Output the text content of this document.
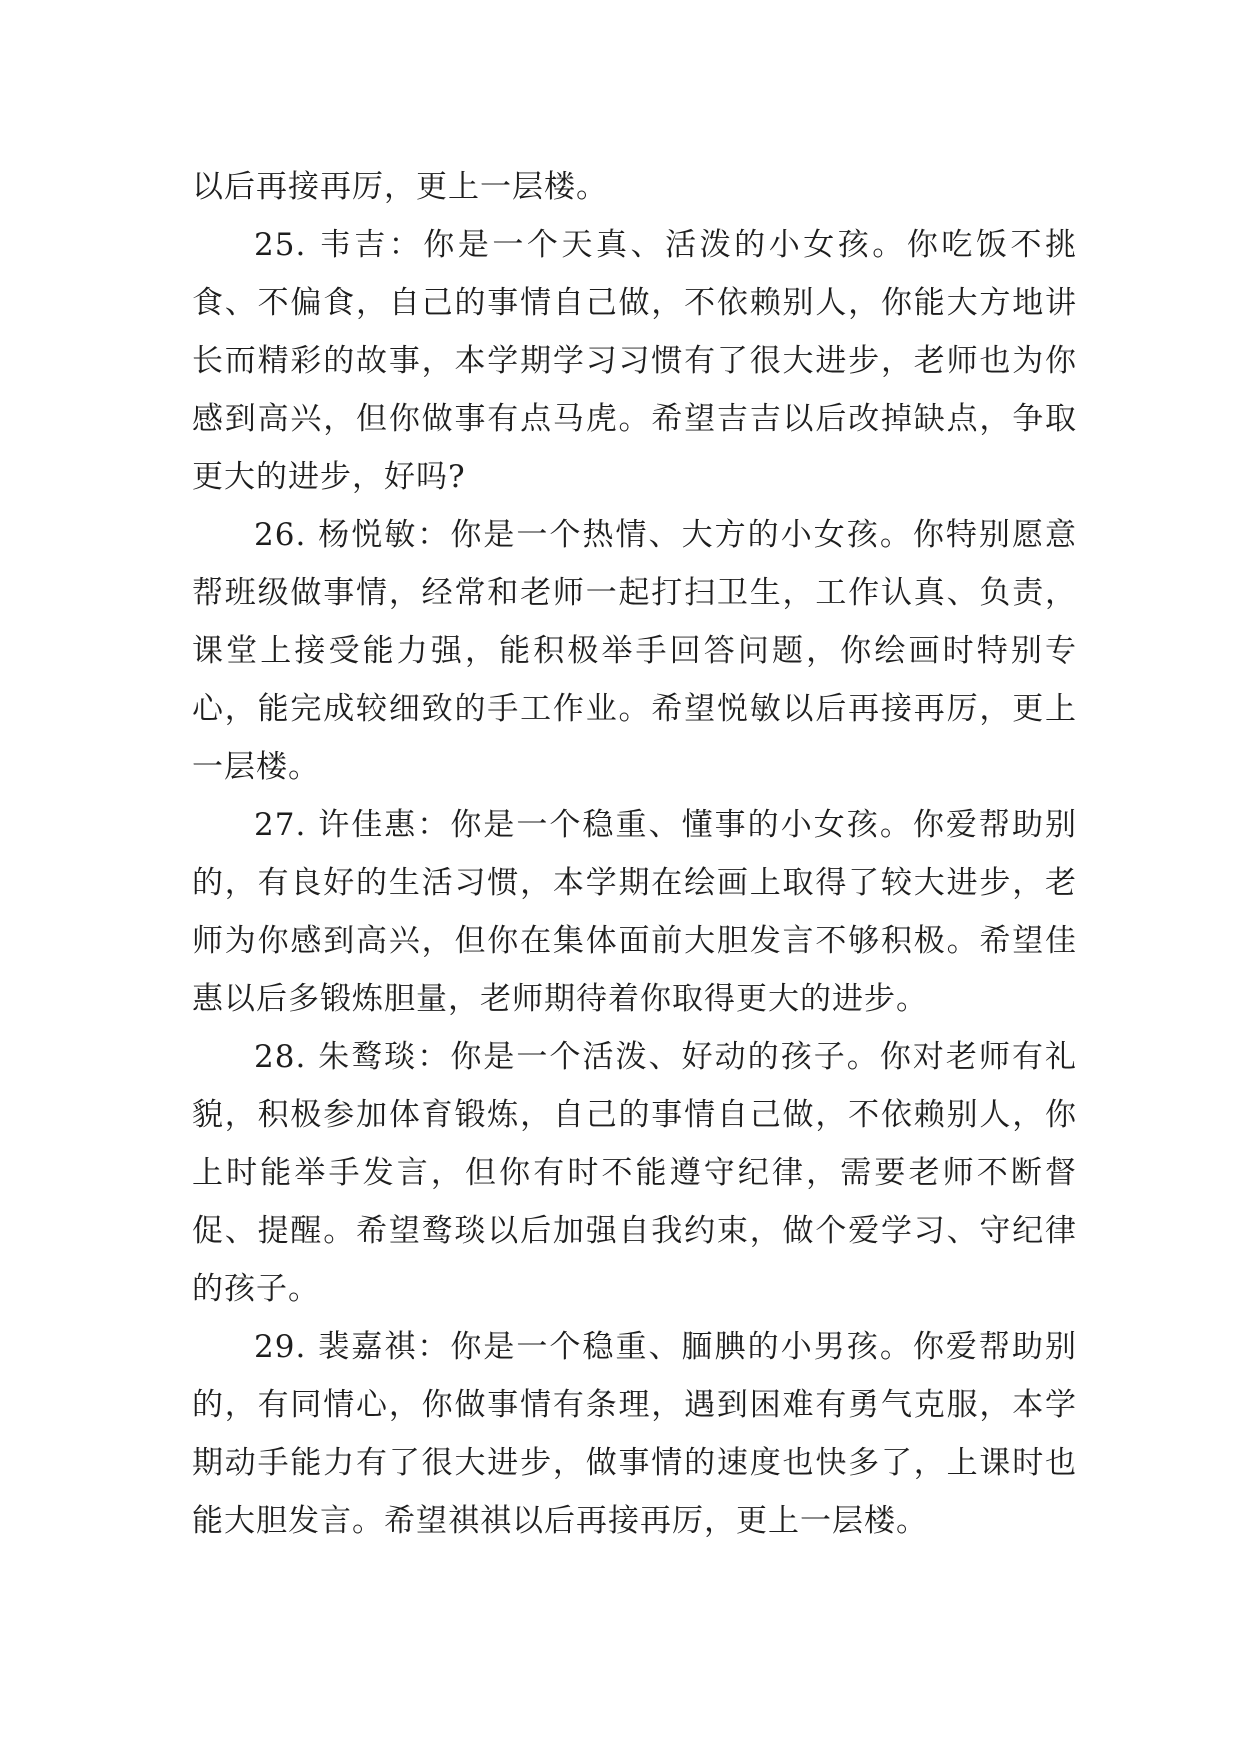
以后再接再厉，更上一层楼。

25. 韦吉：你是一个天真、活泼的小女孩。你吃饭不挑食、不偏食，自己的事情自己做，不依赖别人，你能大方地讲长而精彩的故事，本学期学习习惯有了很大进步，老师也为你感到高兴，但你做事有点马虎。希望吉吉以后改掉缺点，争取更大的进步，好吗?

26. 杨悦敏：你是一个热情、大方的小女孩。你特别愿意帮班级做事情，经常和老师一起打扫卫生，工作认真、负责，课堂上接受能力强，能积极举手回答问题，你绘画时特别专心，能完成较细致的手工作业。希望悦敏以后再接再厉，更上一层楼。

27. 许佳惠：你是一个稳重、懂事的小女孩。你爱帮助别的，有良好的生活习惯，本学期在绘画上取得了较大进步，老师为你感到高兴，但你在集体面前大胆发言不够积极。希望佳惠以后多锻炼胆量，老师期待着你取得更大的进步。

28. 朱鹜琰：你是一个活泼、好动的孩子。你对老师有礼貌，积极参加体育锻炼，自己的事情自己做，不依赖别人，你上时能举手发言，但你有时不能遵守纪律，需要老师不断督促、提醒。希望鹜琰以后加强自我约束，做个爱学习、守纪律的孩子。

29. 裴嘉祺：你是一个稳重、腼腆的小男孩。你爱帮助别的，有同情心，你做事情有条理，遇到困难有勇气克服，本学期动手能力有了很大进步，做事情的速度也快多了，上课时也能大胆发言。希望祺祺以后再接再厉，更上一层楼。
